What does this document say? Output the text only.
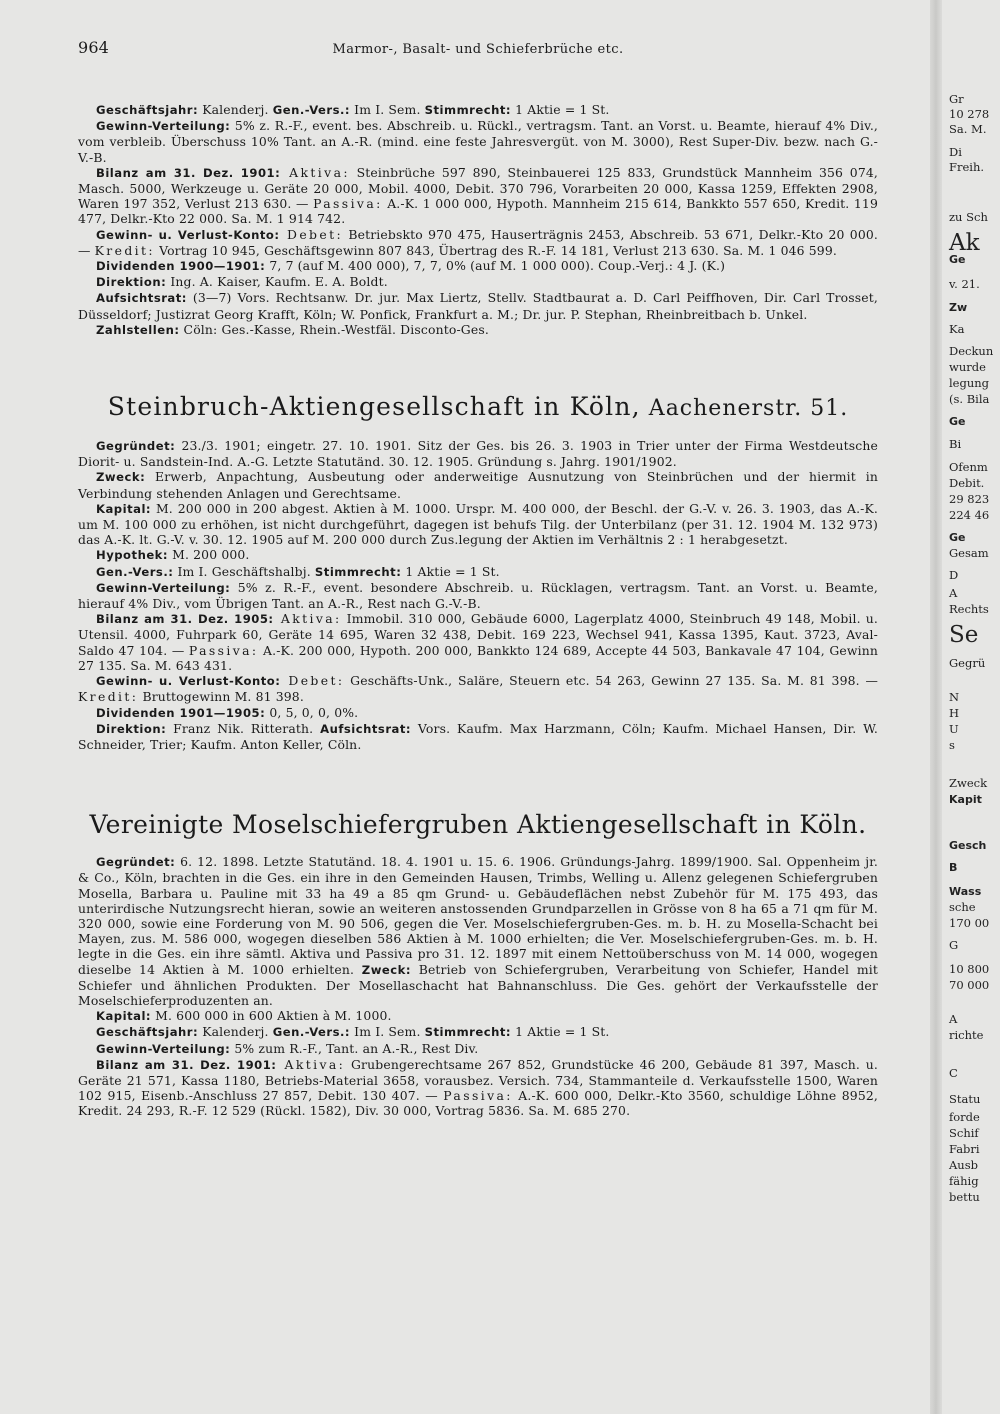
964	Marmor-, Basalt- und Schieferbrüche etc.

Geschäftsjahr: Kalenderj. Gen.-Vers.: Im I. Sem. Stimmrecht: 1 Aktie = 1 St.

Gewinn-Verteilung: 5% z. R.-F., event. bes. Abschreib. u. Rückl., vertragsm. Tant. an Vorst. u. Beamte, hierauf 4% Div., vom verbleib. Überschuss 10% Tant. an A.-R. (mind. eine feste Jahresvergüt. von M. 3000), Rest Super-Div. bezw. nach G.-V.-B.

Bilanz am 31. Dez. 1901: Aktiva: Steinbrüche 597 890, Steinbauerei 125 833, Grundstück Mannheim 356 074, Masch. 5000, Werkzeuge u. Geräte 20 000, Mobil. 4000, Debit. 370 796, Vorarbeiten 20 000, Kassa 1259, Effekten 2908, Waren 197 352, Verlust 213 630. — Passiva: A.-K. 1 000 000, Hypoth. Mannheim 215 614, Bankkto 557 650, Kredit. 119 477, Delkr.-Kto 22 000. Sa. M. 1 914 742.

Gewinn- u. Verlust-Konto: Debet: Betriebskto 970 475, Hauserträgnis 2453, Abschreib. 53 671, Delkr.-Kto 20 000. — Kredit: Vortrag 10 945, Geschäftsgewinn 807 843, Übertrag des R.-F. 14 181, Verlust 213 630. Sa. M. 1 046 599.

Dividenden 1900—1901: 7, 7 (auf M. 400 000), 7, 7, 0% (auf M. 1 000 000). Coup.-Verj.: 4 J. (K.)

Direktion: Ing. A. Kaiser, Kaufm. E. A. Boldt.

Aufsichtsrat: (3—7) Vors. Rechtsanw. Dr. jur. Max Liertz, Stellv. Stadtbaurat a. D. Carl Peiffhoven, Dir. Carl Trosset, Düsseldorf; Justizrat Georg Krafft, Köln; W. Ponfick, Frankfurt a. M.; Dr. jur. P. Stephan, Rheinbreitbach b. Unkel.

Zahlstellen: Cöln: Ges.-Kasse, Rhein.-Westfäl. Disconto-Ges.

Steinbruch-Aktiengesellschaft in Köln, Aachenerstr. 51.

Gegründet: 23./3. 1901; eingetr. 27. 10. 1901. Sitz der Ges. bis 26. 3. 1903 in Trier unter der Firma Westdeutsche Diorit- u. Sandstein-Ind. A.-G. Letzte Statutänd. 30. 12. 1905. Gründung s. Jahrg. 1901/1902.

Zweck: Erwerb, Anpachtung, Ausbeutung oder anderweitige Ausnutzung von Steinbrüchen und der hiermit in Verbindung stehenden Anlagen und Gerechtsame.

Kapital: M. 200 000 in 200 abgest. Aktien à M. 1000. Urspr. M. 400 000, der Beschl. der G.-V. v. 26. 3. 1903, das A.-K. um M. 100 000 zu erhöhen, ist nicht durchgeführt, dagegen ist behufs Tilg. der Unterbilanz (per 31. 12. 1904 M. 132 973) das A.-K. lt. G.-V. v. 30. 12. 1905 auf M. 200 000 durch Zus.legung der Aktien im Verhältnis 2 : 1 herabgesetzt.

Hypothek: M. 200 000.

Gen.-Vers.: Im I. Geschäftshalbj. Stimmrecht: 1 Aktie = 1 St.

Gewinn-Verteilung: 5% z. R.-F., event. besondere Abschreib. u. Rücklagen, vertragsm. Tant. an Vorst. u. Beamte, hierauf 4% Div., vom Übrigen Tant. an A.-R., Rest nach G.-V.-B.

Bilanz am 31. Dez. 1905: Aktiva: Immobil. 310 000, Gebäude 6000, Lagerplatz 4000, Steinbruch 49 148, Mobil. u. Utensil. 4000, Fuhrpark 60, Geräte 14 695, Waren 32 438, Debit. 169 223, Wechsel 941, Kassa 1395, Kaut. 3723, Aval-Saldo 47 104. — Passiva: A.-K. 200 000, Hypoth. 200 000, Bankkto 124 689, Accepte 44 503, Bankavale 47 104, Gewinn 27 135. Sa. M. 643 431.

Gewinn- u. Verlust-Konto: Debet: Geschäfts-Unk., Saläre, Steuern etc. 54 263, Gewinn 27 135. Sa. M. 81 398. — Kredit: Bruttogewinn M. 81 398.

Dividenden 1901—1905: 0, 5, 0, 0, 0%.

Direktion: Franz Nik. Ritterath. Aufsichtsrat: Vors. Kaufm. Max Harzmann, Cöln; Kaufm. Michael Hansen, Dir. W. Schneider, Trier; Kaufm. Anton Keller, Cöln.

Vereinigte Moselschiefergruben Aktiengesellschaft in Köln.

Gegründet: 6. 12. 1898. Letzte Statutänd. 18. 4. 1901 u. 15. 6. 1906. Gründungs-Jahrg. 1899/1900. Sal. Oppenheim jr. & Co., Köln, brachten in die Ges. ein ihre in den Gemeinden Hausen, Trimbs, Welling u. Allenz gelegenen Schiefergruben Mosella, Barbara u. Pauline mit 33 ha 49 a 85 qm Grund- u. Gebäudeflächen nebst Zubehör für M. 175 493, das unterirdische Nutzungsrecht hieran, sowie an weiteren anstossenden Grundparzellen in Grösse von 8 ha 65 a 71 qm für M. 320 000, sowie eine Forderung von M. 90 506, gegen die Ver. Moselschiefergruben-Ges. m. b. H. zu Mosella-Schacht bei Mayen, zus. M. 586 000, wogegen dieselben 586 Aktien à M. 1000 erhielten; die Ver. Moselschiefergruben-Ges. m. b. H. legte in die Ges. ein ihre sämtl. Aktiva und Passiva pro 31. 12. 1897 mit einem Nettoüberschuss von M. 14 000, wogegen dieselbe 14 Aktien à M. 1000 erhielten. Zweck: Betrieb von Schiefergruben, Verarbeitung von Schiefer, Handel mit Schiefer und ähnlichen Produkten. Der Mosellaschacht hat Bahnanschluss. Die Ges. gehört der Verkaufsstelle der Moselschieferproduzenten an.

Kapital: M. 600 000 in 600 Aktien à M. 1000.

Geschäftsjahr: Kalenderj. Gen.-Vers.: Im I. Sem. Stimmrecht: 1 Aktie = 1 St.

Gewinn-Verteilung: 5% zum R.-F., Tant. an A.-R., Rest Div.

Bilanz am 31. Dez. 1901: Aktiva: Grubengerechtsame 267 852, Grundstücke 46 200, Gebäude 81 397, Masch. u. Geräte 21 571, Kassa 1180, Betriebs-Material 3658, vorausbez. Versich. 734, Stammanteile d. Verkaufsstelle 1500, Waren 102 915, Eisenb.-Anschluss 27 857, Debit. 130 407. — Passiva: A.-K. 600 000, Delkr.-Kto 3560, schuldige Löhne 8952, Kredit. 24 293, R.-F. 12 529 (Rückl. 1582), Div. 30 000, Vortrag 5836. Sa. M. 685 270.

Gr
10 278
Sa. M.
Di
Freih.
zu Sch
Ak
Ge
v. 21.
Zw
Ka
Deckun
wurde
legung
(s. Bila
Ge
Bi
Ofenm
Debit.
29 823
224 46
Ge
Gesam
D
A
Rechts
Se
Gegrü
N
H
U
s
Zweck
Kapit
Gesch
B
Wass
sche
170 00
G
10 800
70 000
A
richte
C
Statu
forde
Schif
Fabri
Ausb
fähig
bettu
